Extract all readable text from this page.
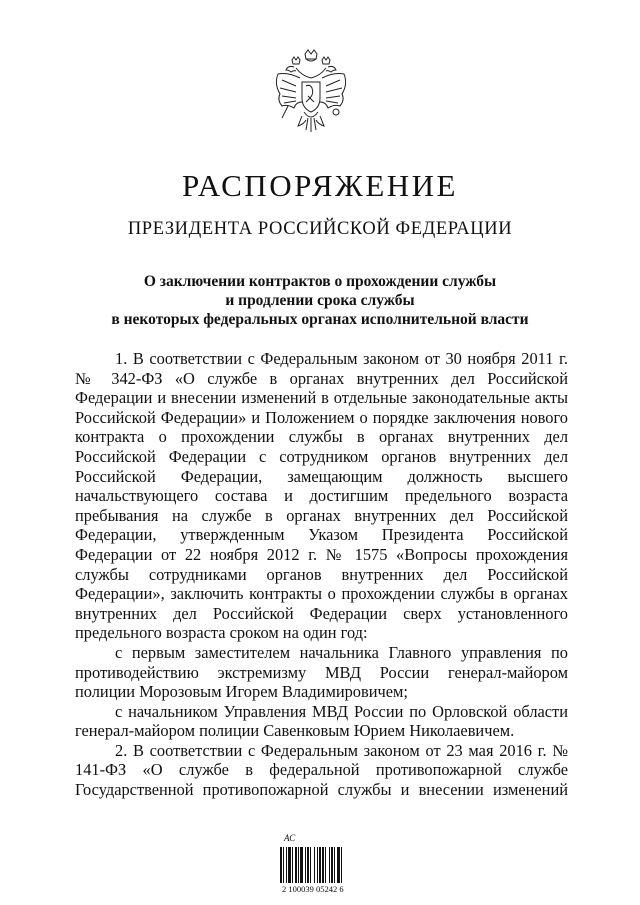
РАСПОРЯЖЕНИЕ
ПРЕЗИДЕНТА РОССИЙСКОЙ ФЕДЕРАЦИИ
О заключении контрактов о прохождении службы
и продлении срока службы
в некоторых федеральных органах исполнительной власти

1. В соответствии с Федеральным законом от 30 ноября 2011 г. № 342-ФЗ «О службе в органах внутренних дел Российской Федерации и внесении изменений в отдельные законодательные акты Российской Федерации» и Положением о порядке заключения нового контракта о прохождении службы в органах внутренних дел Российской Федерации с сотрудником органов внутренних дел Российской Федерации, замещающим должность высшего начальствующего состава и достигшим предельного возраста пребывания на службе в органах внутренних дел Российской Федерации, утвержденным Указом Президента Российской Федерации от 22 ноября 2012 г. № 1575 «Вопросы прохождения службы сотрудниками органов внутренних дел Российской Федерации», заключить контракты о прохождении службы в органах внутренних дел Российской Федерации сверх установленного предельного возраста сроком на один год:

с первым заместителем начальника Главного управления по противодействию экстремизму МВД России генерал-майором полиции Морозовым Игорем Владимировичем;

с начальником Управления МВД России по Орловской области генерал-майором полиции Савенковым Юрием Николаевичем.

2. В соответствии с Федеральным законом от 23 мая 2016 г. № 141-ФЗ «О службе в федеральной противопожарной службе Государственной противопожарной службы и внесении изменений

АС
2 100039 05242 6
